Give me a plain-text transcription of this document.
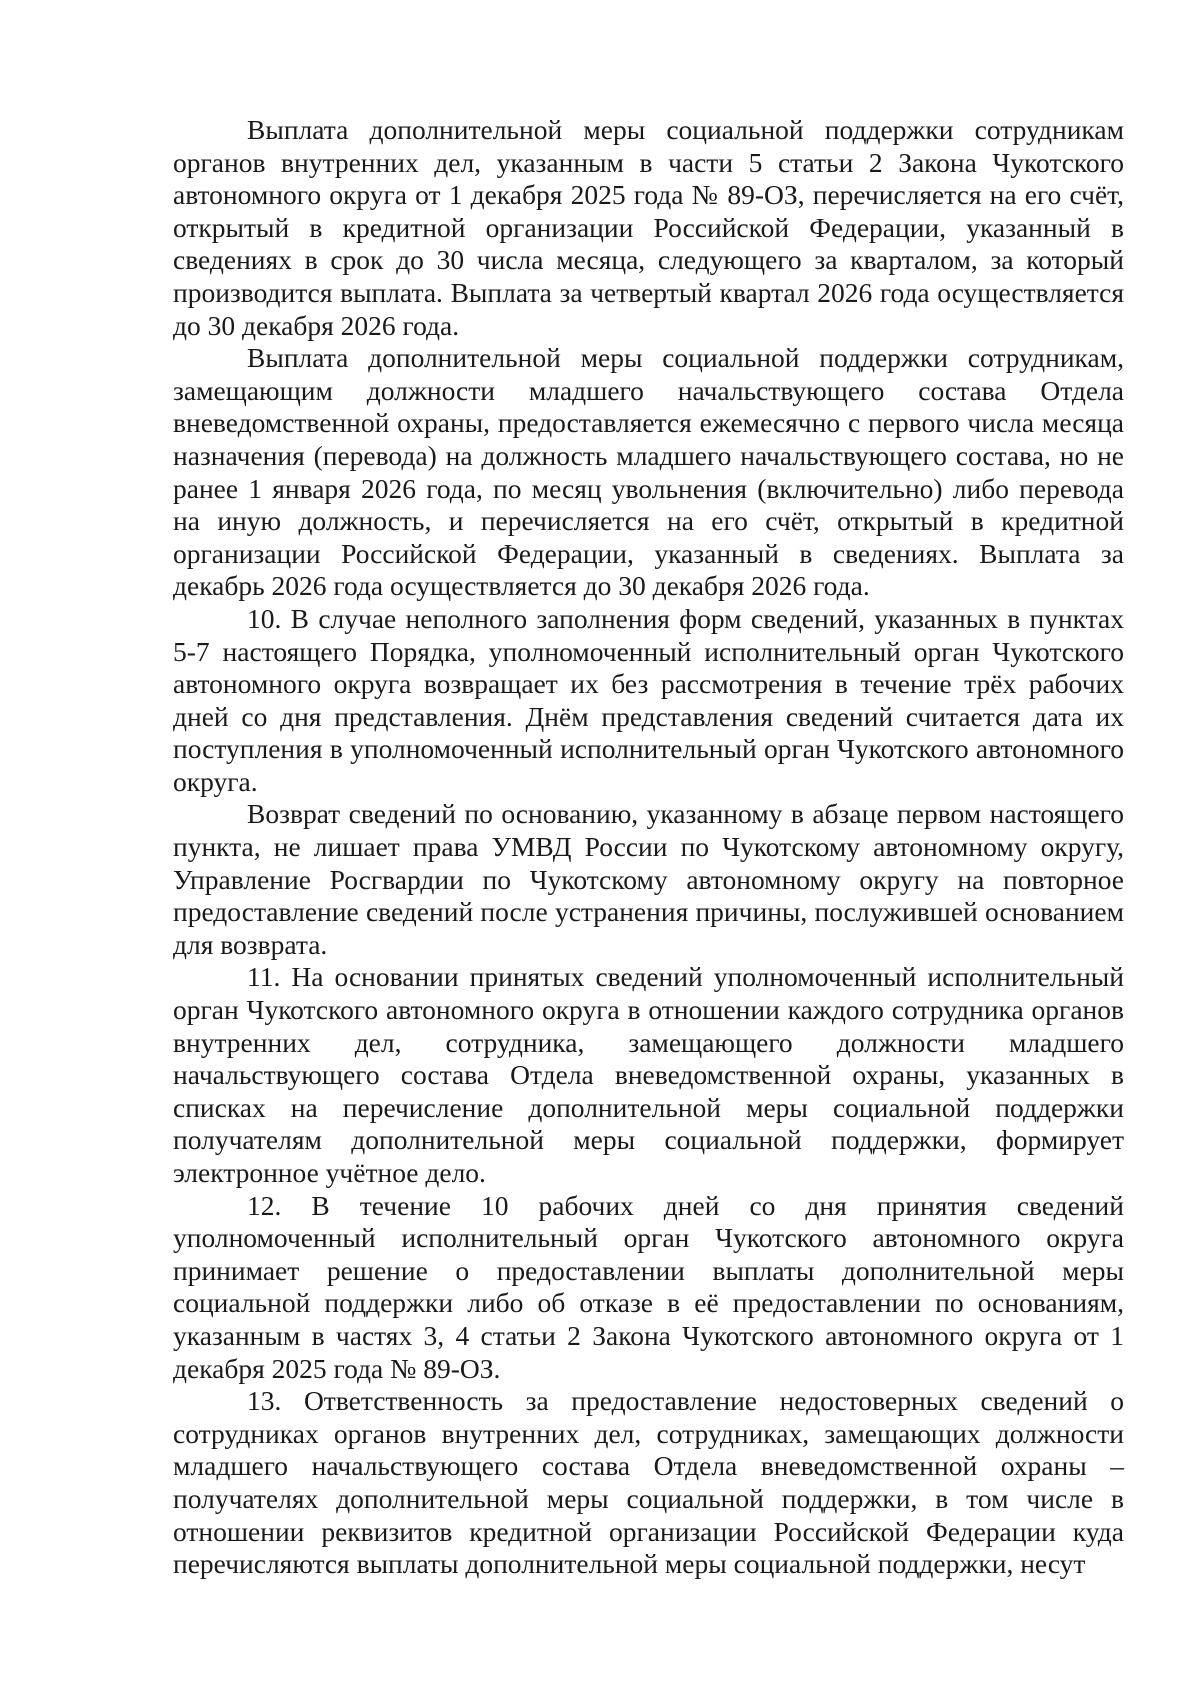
Выплата дополнительной меры социальной поддержки сотрудникам органов внутренних дел, указанным в части 5 статьи 2 Закона Чукотского автономного округа от 1 декабря 2025 года № 89-ОЗ, перечисляется на его счёт, открытый в кредитной организации Российской Федерации, указанный в сведениях в срок до 30 числа месяца, следующего за кварталом, за который производится выплата. Выплата за четвертый квартал 2026 года осуществляется до 30 декабря 2026 года.

Выплата дополнительной меры социальной поддержки сотрудникам, замещающим должности младшего начальствующего состава Отдела вневедомственной охраны, предоставляется ежемесячно с первого числа месяца назначения (перевода) на должность младшего начальствующего состава, но не ранее 1 января 2026 года, по месяц увольнения (включительно) либо перевода на иную должность, и перечисляется на его счёт, открытый в кредитной организации Российской Федерации, указанный в сведениях. Выплата за декабрь 2026 года осуществляется до 30 декабря 2026 года.

10. В случае неполного заполнения форм сведений, указанных в пунктах 5-7 настоящего Порядка, уполномоченный исполнительный орган Чукотского автономного округа возвращает их без рассмотрения в течение трёх рабочих дней со дня представления. Днём представления сведений считается дата их поступления в уполномоченный исполнительный орган Чукотского автономного округа.

Возврат сведений по основанию, указанному в абзаце первом настоящего пункта, не лишает права УМВД России по Чукотскому автономному округу, Управление Росгвардии по Чукотскому автономному округу на повторное предоставление сведений после устранения причины, послужившей основанием для возврата.

11. На основании принятых сведений уполномоченный исполнительный орган Чукотского автономного округа в отношении каждого сотрудника органов внутренних дел, сотрудника, замещающего должности младшего начальствующего состава Отдела вневедомственной охраны, указанных в списках на перечисление дополнительной меры социальной поддержки получателям дополнительной меры социальной поддержки, формирует электронное учётное дело.

12. В течение 10 рабочих дней со дня принятия сведений уполномоченный исполнительный орган Чукотского автономного округа принимает решение о предоставлении выплаты дополнительной меры социальной поддержки либо об отказе в её предоставлении по основаниям, указанным в частях 3, 4 статьи 2 Закона Чукотского автономного округа от 1 декабря 2025 года № 89-ОЗ.

13. Ответственность за предоставление недостоверных сведений о сотрудниках органов внутренних дел, сотрудниках, замещающих должности младшего начальствующего состава Отдела вневедомственной охраны – получателях дополнительной меры социальной поддержки, в том числе в отношении реквизитов кредитной организации Российской Федерации куда перечисляются выплаты дополнительной меры социальной поддержки, несут
